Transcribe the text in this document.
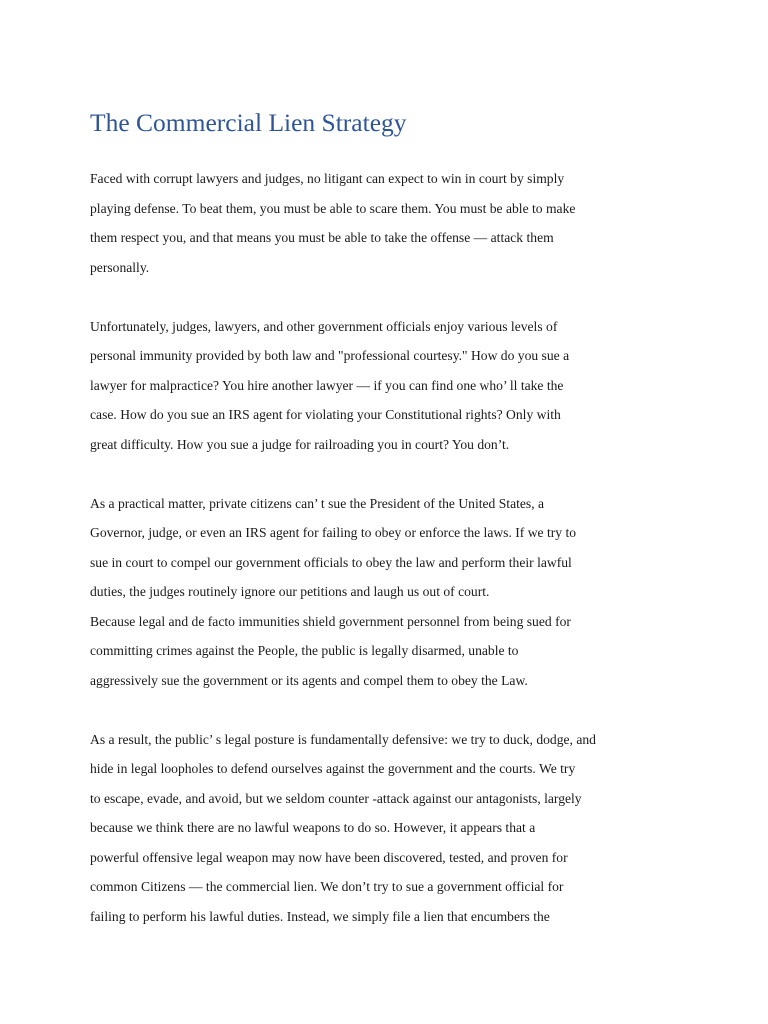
The Commercial Lien Strategy

Faced with corrupt lawyers and judges, no litigant can expect to win in court by simply
playing defense. To beat them, you must be able to scare them. You must be able to make
them respect you, and that means you must be able to take the offense — attack them
personally.

Unfortunately, judges, lawyers, and other government officials enjoy various levels of
personal immunity provided by both law and "professional courtesy." How do you sue a
lawyer for malpractice? You hire another lawyer — if you can find one who’ ll take the
case. How do you sue an IRS agent for violating your Constitutional rights? Only with
great difficulty. How you sue a judge for railroading you in court? You don’t.

As a practical matter, private citizens can’ t sue the President of the United States, a
Governor, judge, or even an IRS agent for failing to obey or enforce the laws. If we try to
sue in court to compel our government officials to obey the law and perform their lawful
duties, the judges routinely ignore our petitions and laugh us out of court.
Because legal and de facto immunities shield government personnel from being sued for
committing crimes against the People, the public is legally disarmed, unable to
aggressively sue the government or its agents and compel them to obey the Law.

As a result, the public’ s legal posture is fundamentally defensive: we try to duck, dodge, and
hide in legal loopholes to defend ourselves against the government and the courts. We try
to escape, evade, and avoid, but we seldom counter -attack against our antagonists, largely
because we think there are no lawful weapons to do so. However, it appears that a
powerful offensive legal weapon may now have been discovered, tested, and proven for
common Citizens — the commercial lien. We don’t try to sue a government official for
failing to perform his lawful duties. Instead, we simply file a lien that encumbers the
